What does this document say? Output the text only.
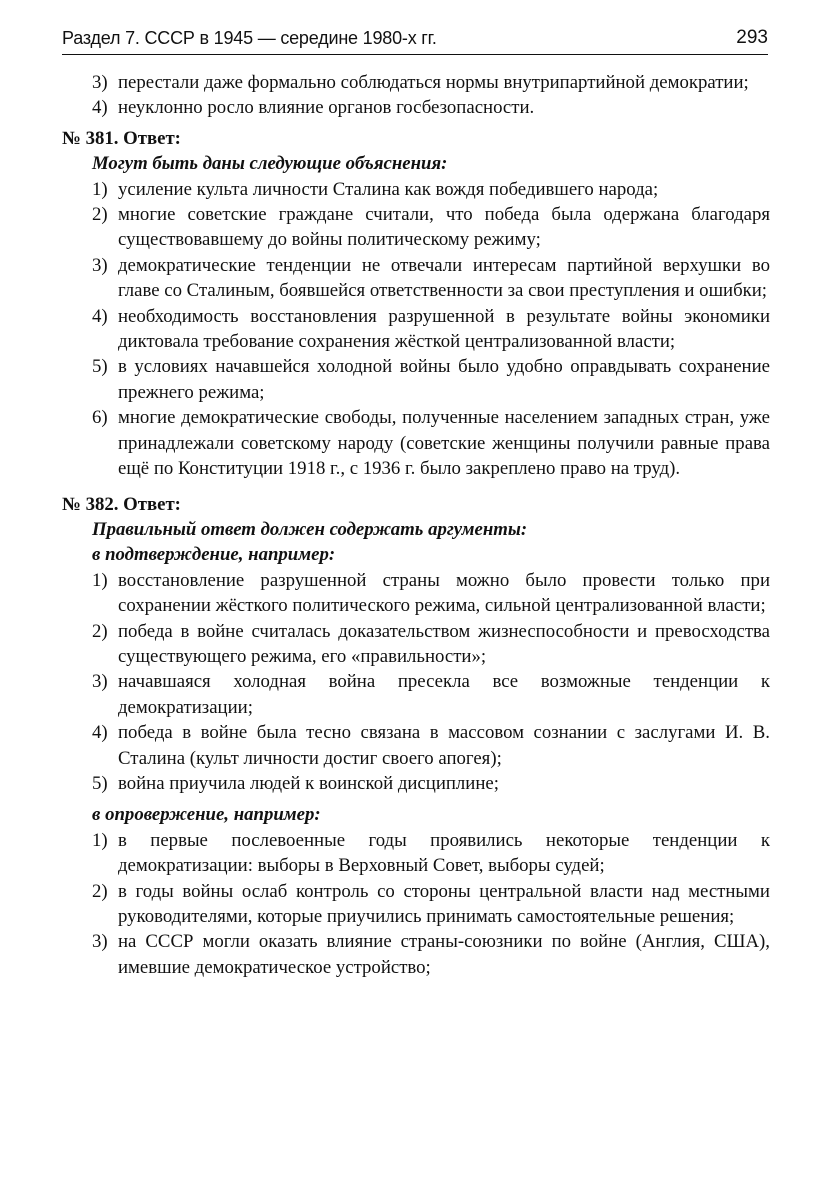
Раздел 7. СССР в 1945 — середине 1980-х гг.	293
3) перестали даже формально соблюдаться нормы внутрипартийной демократии;
4) неуклонно росло влияние органов госбезопасности.
№ 381. Ответ:
Могут быть даны следующие объяснения:
1) усиление культа личности Сталина как вождя победившего народа;
2) многие советские граждане считали, что победа была одержана благодаря существовавшему до войны политическому режиму;
3) демократические тенденции не отвечали интересам партийной верхушки во главе со Сталиным, боявшейся ответственности за свои преступления и ошибки;
4) необходимость восстановления разрушенной в результате войны экономики диктовала требование сохранения жёсткой централизованной власти;
5) в условиях начавшейся холодной войны было удобно оправдывать сохранение прежнего режима;
6) многие демократические свободы, полученные населением западных стран, уже принадлежали советскому народу (советские женщины получили равные права ещё по Конституции 1918 г., с 1936 г. было закреплено право на труд).
№ 382. Ответ:
Правильный ответ должен содержать аргументы:
в подтверждение, например:
1) восстановление разрушенной страны можно было провести только при сохранении жёсткого политического режима, сильной централизованной власти;
2) победа в войне считалась доказательством жизнеспособности и превосходства существующего режима, его «правильности»;
3) начавшаяся холодная война пресекла все возможные тенденции к демократизации;
4) победа в войне была тесно связана в массовом сознании с заслугами И. В. Сталина (культ личности достиг своего апогея);
5) война приучила людей к воинской дисциплине;
в опровержение, например:
1) в первые послевоенные годы проявились некоторые тенденции к демократизации: выборы в Верховный Совет, выборы судей;
2) в годы войны ослаб контроль со стороны центральной власти над местными руководителями, которые приучились принимать самостоятельные решения;
3) на СССР могли оказать влияние страны-союзники по войне (Англия, США), имевшие демократическое устройство;
